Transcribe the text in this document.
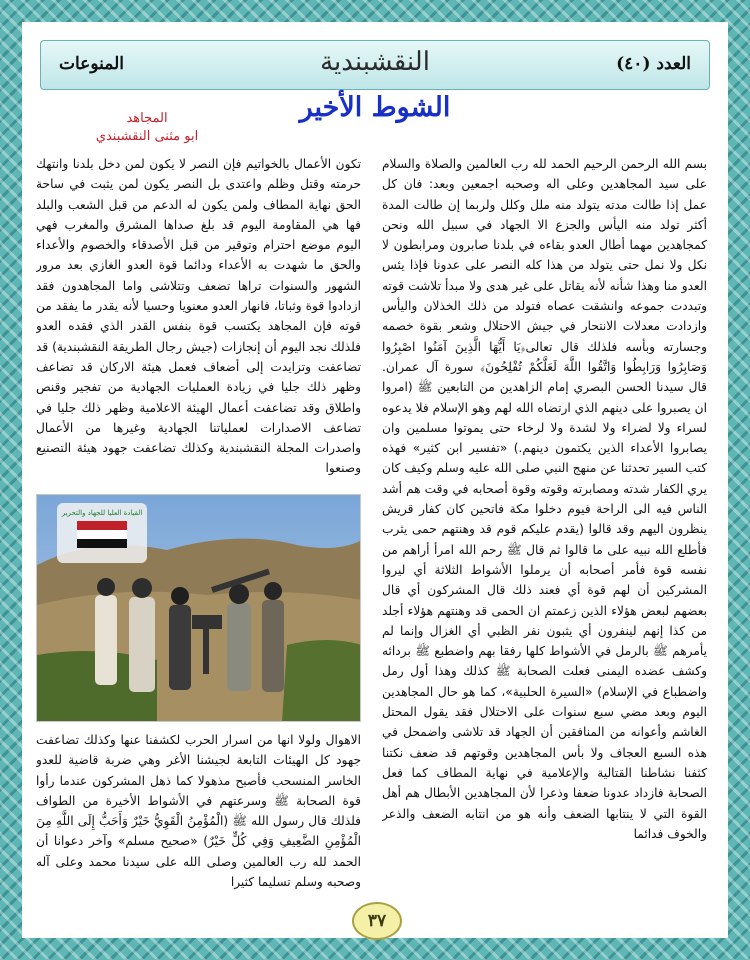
العدد (٤٠)
النقشبندية
المنوعات
الشوط الأخير
المجاهد
ابو مثنى النقشبندي

بسم الله الرحمن الرحيم الحمد لله رب العالمين والصلاة والسلام على سيد المجاهدين وعلى اله وصحبه اجمعين وبعد: فان كل عمل إذا طالت مدته يتولد منه ملل وكلل ولربما إن طالت المدة أكثر تولد منه اليأس والجزع الا الجهاد في سبيل الله ونحن كمجاهدين مهما أطال العدو بقاءه في بلدنا صابرون ومرابطون لا نكل ولا نمل حتى يتولد من هذا كله النصر على عدونا فإذا يئس العدو منا وهذا شأنه لأنه يقاتل على غير هدى ولا مبدأ تلاشت قوته وتبددت جموعه وانشقت عصاه فتولد من ذلك الخذلان واليأس وازدادت معدلات الانتحار في جيش الاحتلال وشعر بقوة خصمه وجسارته وبأسه فلذلك قال تعالى﴿يَا أَيُّهَا الَّذِينَ آمَنُوا اصْبِرُوا وَصَابِرُوا وَرَابِطُوا وَاتَّقُوا اللَّهَ لَعَلَّكُمْ تُفْلِحُونَ﴾ سورة آل عمران. قال سيدنا الحسن البصري إمام الزاهدين من التابعين ﷺ (امروا ان يصبروا على دينهم الذي ارتضاه الله لهم وهو الإسلام فلا يدعوه لسراء ولا لضراء ولا لشدة ولا لرخاء حتى يموتوا مسلمين وان يصابروا الأعداء الذين يكتمون دينهم.) «تفسير ابن كثير» فهذه كتب السير تحدثنا عن منهج النبي صلى الله عليه وسلم وكيف كان يري الكفار شدته ومصابرته وقوته وقوة أصحابه في وقت هم أشد الناس فيه الى الراحة فيوم دخلوا مكة فاتحين كان كفار قريش ينظرون اليهم وقد قالوا (يقدم عليكم قوم قد وهنتهم حمى يثرب فأطلع الله نبيه على ما قالوا ثم قال ﷺ رحم الله امرأ أراهم من نفسه قوة فأمر أصحابه أن يرملوا الأشواط الثلاثة أي ليروا المشركين أن لهم قوة أي فعند ذلك قال المشركون أي قال بعضهم لبعض هؤلاء الذين زعمتم ان الحمى قد وهنتهم هؤلاء أجلد من كذا إنهم لينفرون أي يثبون نفر الظبي أي الغزال وإنما لم يأمرهم ﷺ بالرمل في الأشواط كلها رفقا بهم واضطبع ﷺ بردائه وكشف عضده اليمنى فعلت الصحابة ﷺ كذلك وهذا أول رمل واضطباع في الإسلام) «السيرة الحلبية»، كما هو حال المجاهدين اليوم وبعد مضي سبع سنوات على الاحتلال فقد يقول المحتل الغاشم وأعوانه من المنافقين أن الجهاد قد تلاشى واضمحل في هذه السبع العجاف ولا بأس المجاهدين وقوتهم قد ضعف نكتنا كثفنا نشاطنا القتالية والإعلامية في نهاية المطاف كما فعل الصحابة فازداد عدونا ضعفا وذعرا لأن المجاهدين الأبطال هم أهل القوة التي لا ينتابها الضعف وأنه هو من انتابه الضعف والذعر والخوف فدائما

تكون الأعمال بالخواتيم فإن النصر لا يكون لمن دخل بلدنا وانتهك حرمته وقتل وظلم واعتدى بل النصر يكون لمن يثبت في ساحة الحق نهاية المطاف ولمن يكون له الدعم من قبل الشعب والبلد فها هي المقاومة اليوم قد بلغ صداها المشرق والمغرب فهي اليوم موضع احترام وتوقير من قبل الأصدقاء والخصوم والأعداء والحق ما شهدت به الأعداء ودائما قوة العدو الغازي بعد مرور الشهور والسنوات تراها تضعف وتتلاشى واما المجاهدون فقد ازدادوا قوة وثباتا، فانهار العدو معنويا وحسيا لأنه يقدر ما يفقد من قوته فإن المجاهد يكتسب قوة بنفس القدر الذي فقده العدو فلذلك نجد اليوم أن إنجازات (جيش رجال الطريقة النقشبندية) قد تضاعفت وتزايدت إلى أضعاف فعمل هيئة الاركان قد تضاعف وظهر ذلك جليا في زيادة العمليات الجهادية من تفجير وقنص واطلاق وقد تضاعفت أعمال الهيئة الاعلامية وظهر ذلك جليا في تضاعف الاصدارات لعملياتنا الجهادية وغيرها من الأعمال واصدرات المجلة النقشبندية وكذلك تضاعفت جهود هيئة التصنيع وصنعوا

القيادة العليا للجهاد والتحرير

الاهوال ولولا انها من اسرار الحرب لكشفنا عنها وكذلك تضاعفت جهود كل الهيئات التابعة لجيشنا الأغر وهي ضربة قاضية للعدو الخاسر المنسحب فأصبح مذهولا كما ذهل المشركون عندما رأوا قوة الصحابة ﷺ وسرعتهم في الأشواط الأخيرة من الطواف فلذلك قال رسول الله ﷺ (الْمُؤْمِنُ الْقَوِيُّ خَيْرٌ وَأَحَبُّ إِلَى اللَّهِ مِنَ الْمُؤْمِنِ الضَّعِيفِ وَفِي كُلٍّ خَيْرٌ) «صحيح مسلم» وآخر دعوانا أن الحمد لله رب العالمين وصلى الله على سيدنا محمد وعلى آله وصحبه وسلم تسليما كثيرا

٣٧
